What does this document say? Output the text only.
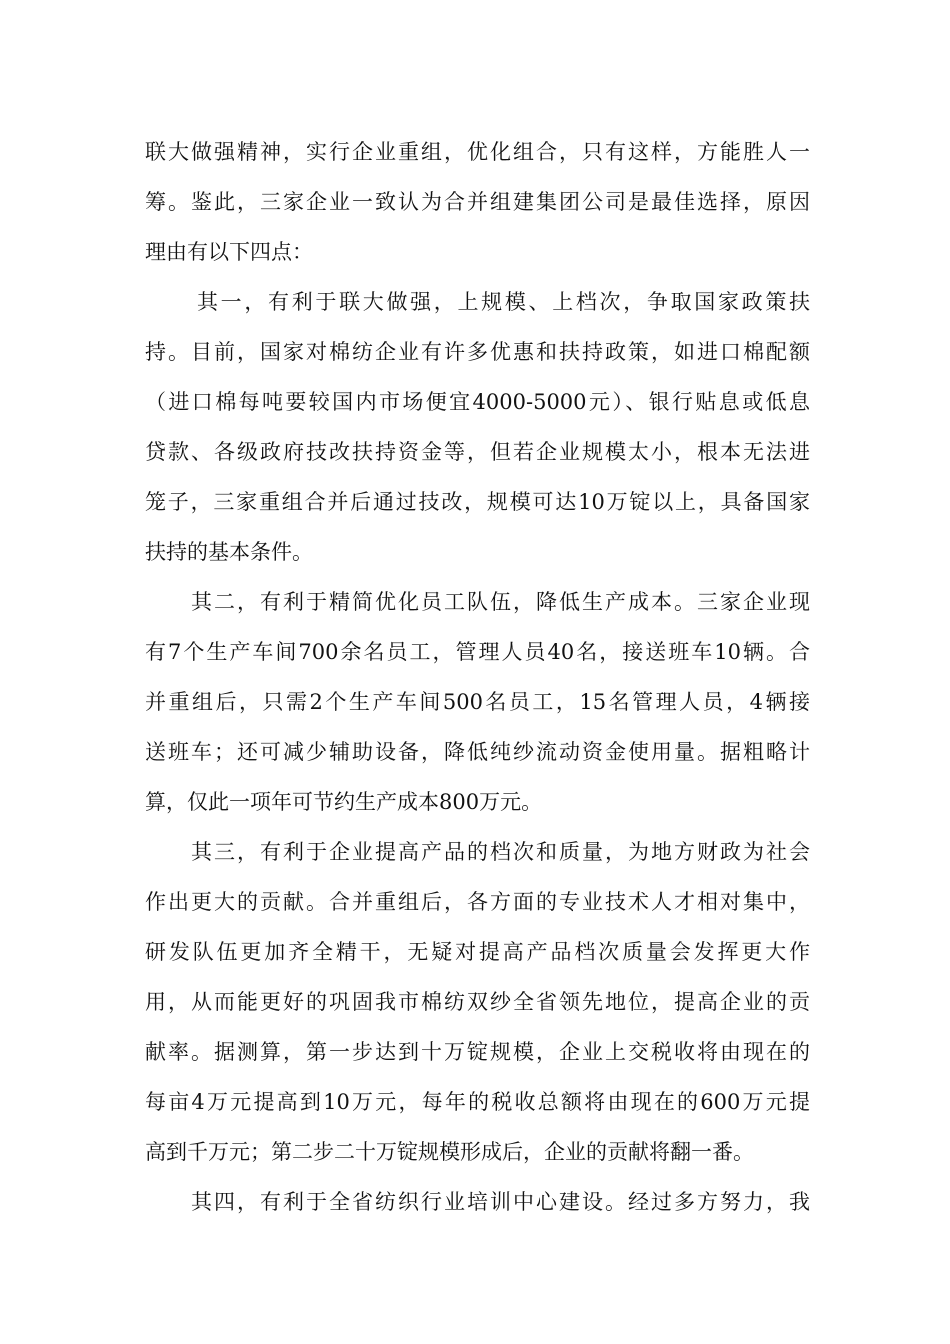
联大做强精神，实行企业重组，优化组合，只有这样，方能胜人一
筹。鉴此，三家企业一致认为合并组建集团公司是最佳选择，原因
理由有以下四点：
其一，有利于联大做强，上规模、上档次，争取国家政策扶
持。目前，国家对棉纺企业有许多优惠和扶持政策，如进口棉配额
（进口棉每吨要较国内市场便宜4000-5000元）、银行贴息或低息
贷款、各级政府技改扶持资金等，但若企业规模太小，根本无法进
笼子，三家重组合并后通过技改，规模可达10万锭以上，具备国家
扶持的基本条件。
其二，有利于精简优化员工队伍，降低生产成本。三家企业现
有7个生产车间700余名员工，管理人员40名，接送班车10辆。合
并重组后，只需2个生产车间500名员工，15名管理人员，4辆接
送班车；还可减少辅助设备，降低纯纱流动资金使用量。据粗略计
算，仅此一项年可节约生产成本800万元。
其三，有利于企业提高产品的档次和质量，为地方财政为社会
作出更大的贡献。合并重组后，各方面的专业技术人才相对集中，
研发队伍更加齐全精干，无疑对提高产品档次质量会发挥更大作
用，从而能更好的巩固我市棉纺双纱全省领先地位，提高企业的贡
献率。据测算，第一步达到十万锭规模，企业上交税收将由现在的
每亩4万元提高到10万元，每年的税收总额将由现在的600万元提
高到千万元；第二步二十万锭规模形成后，企业的贡献将翻一番。
其四，有利于全省纺织行业培训中心建设。经过多方努力，我
